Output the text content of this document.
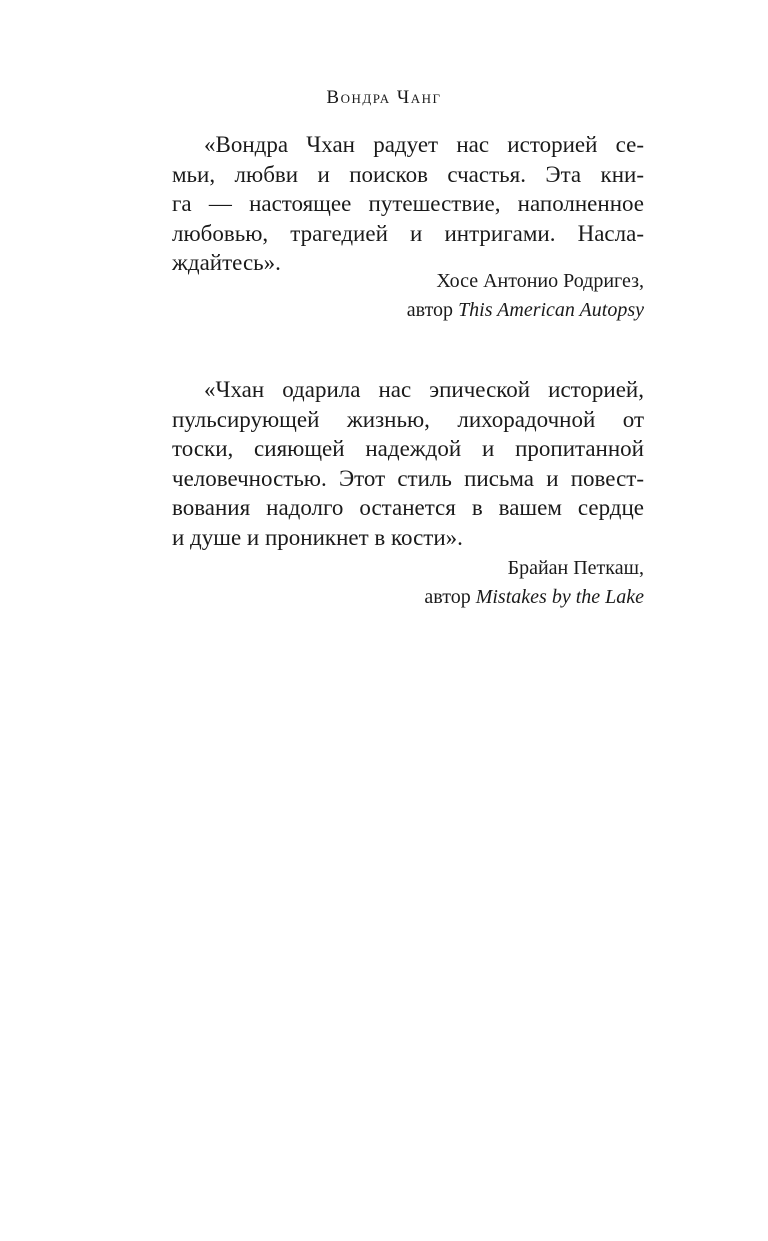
Вондра Чанг
«Вондра Чхан радует нас историей се-
мьи, любви и поисков счастья. Эта кни-
га — настоящее путешествие, наполненное
любовью, трагедией и интригами. Насла-
ждайтесь».
Хосе Антонио Родригез,
автор This American Autopsy
«Чхан одарила нас эпической историей,
пульсирующей жизнью, лихорадочной от
тоски, сияющей надеждой и пропитанной
человечностью. Этот стиль письма и повест-
вования надолго останется в вашем сердце
и душе и проникнет в кости».
Брайан Петкаш,
автор Mistakes by the Lake
